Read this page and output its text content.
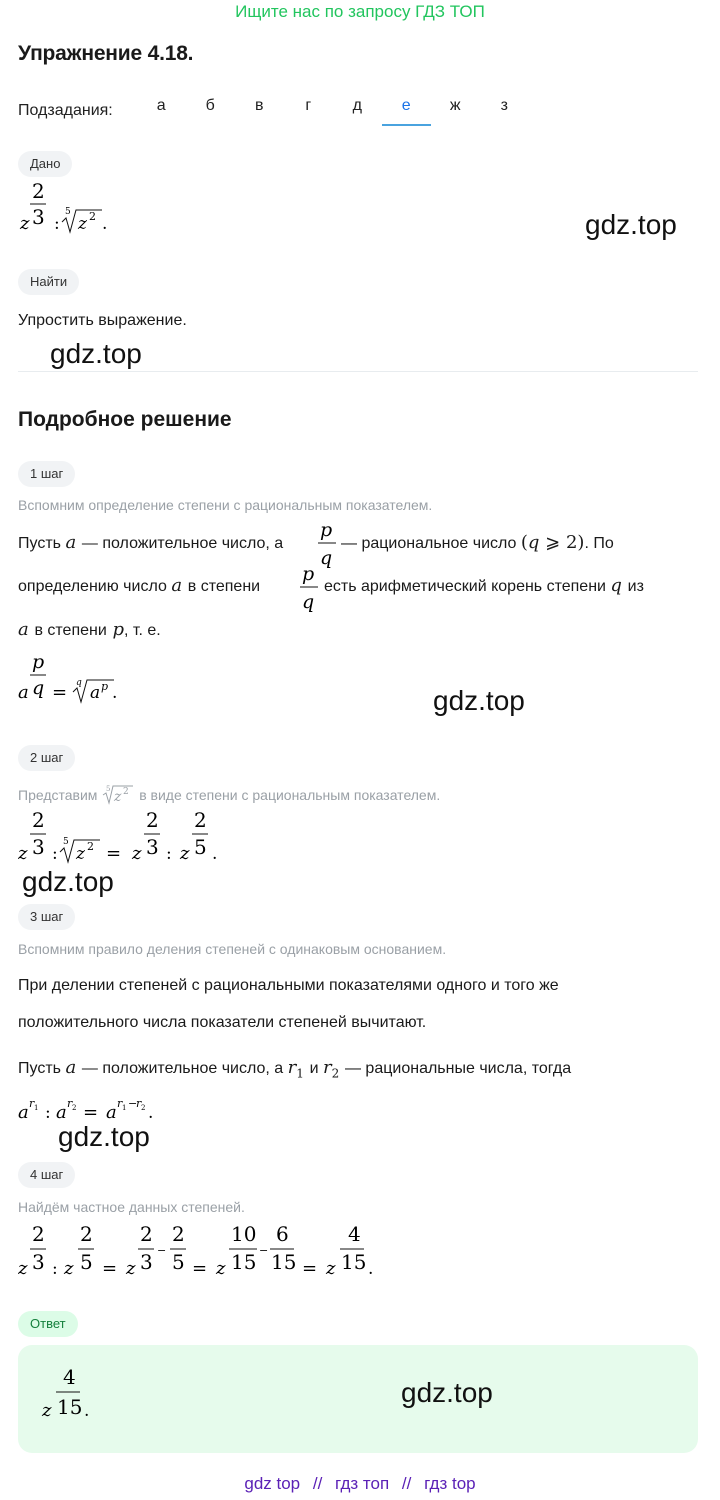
Ищите нас по запросу ГДЗ ТОП
Упражнение 4.18.
Подзадания:	а	б	в	г	д	е	ж	з
Дано
z
2
3 :
5
z 2 .	gdz.top
Найти
Упростить выражение.
gdz.top
Подробное решение
1 шаг
Вспомним определение степени с рациональным показателем.
Пусть a — положительное число, а
p
q
— рациональное число (q ⩾ 2). По
определению число a в степени
p
q
есть арифметический корень степени q из
a в степени p, т. е.
a
p
q = q a p .	gdz.top
2 шаг
Представим 5 z 2 в виде степени с рациональным показателем.
z
2
3 :
5
z 2 = z
2
3 : z
2
5 .
gdz.top
3 шаг
Вспомним правило деления степеней с одинаковым основанием.
При делении степеней с рациональными показателями одного и того же
положительного числа показатели степеней вычитают.
Пусть a — положительное число, а $r_1$ и $r_2$ — рациональные числа, тогда
a r 1 : a r 2 = a r 1 −
r 2 .
gdz.top
4 шаг
Найдём частное данных степеней.
z
2
3 : z
2
5 = z
2
3 −
2
5 = z
10
15 −
6
15 = z
4
15 .
Ответ
z
4
15 .
gdz.top
gdz top // гдз топ // гдз top
